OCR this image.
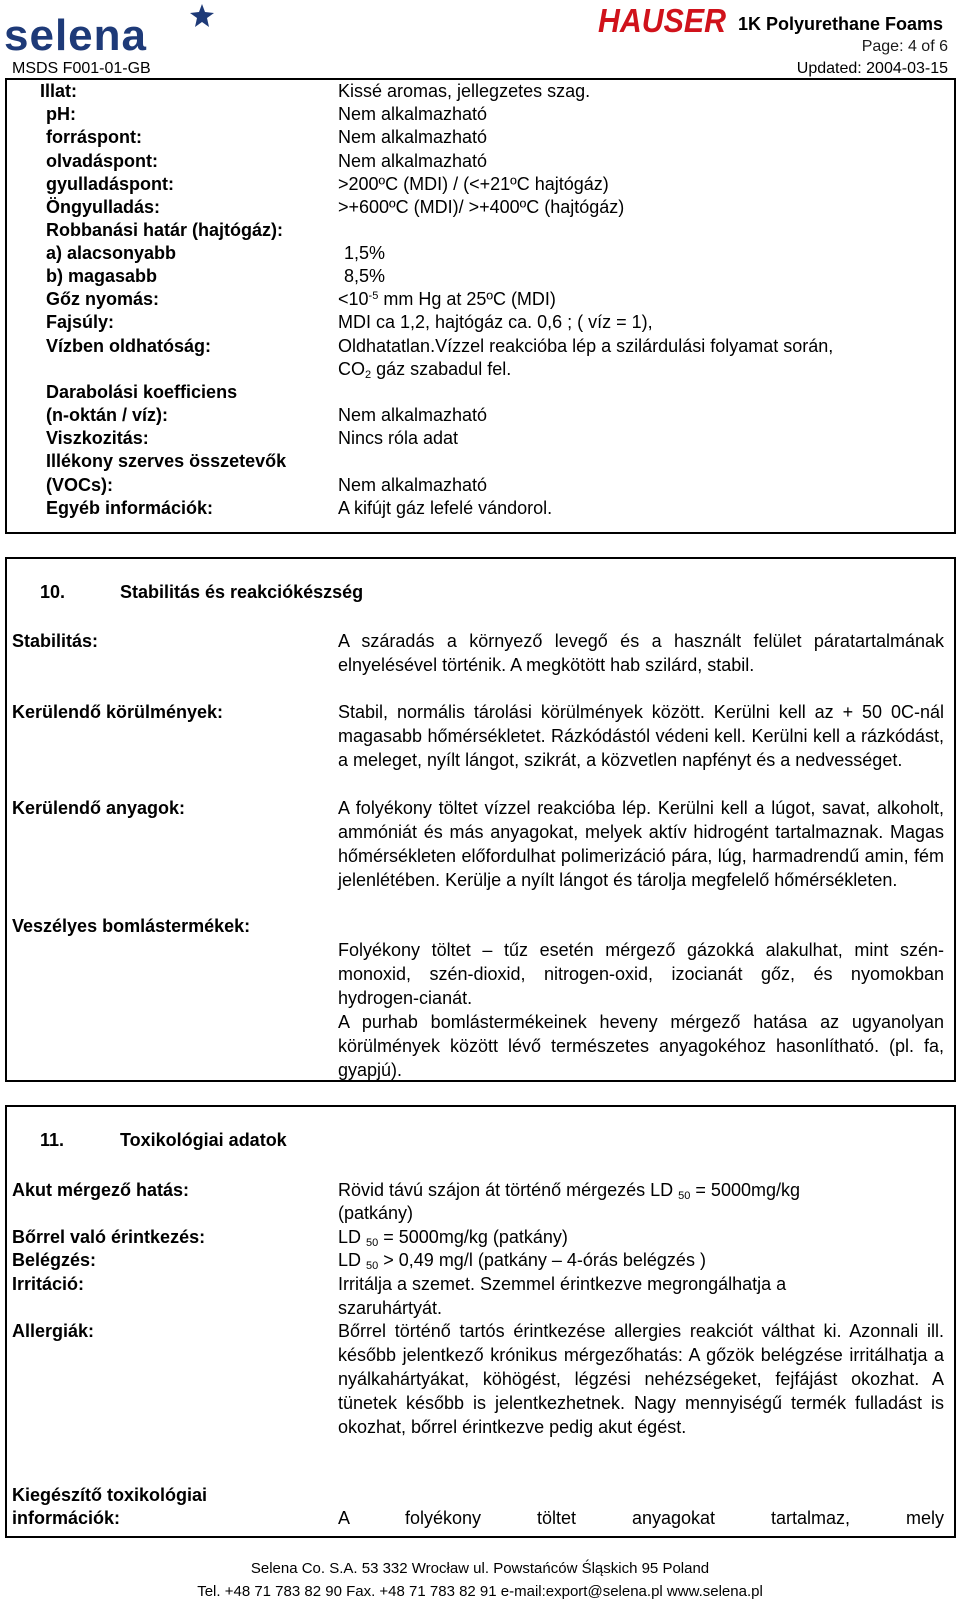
selena	HAUSER 1K Polyurethane Foams
Page: 4 of 6
MSDS F001-01-GB	Updated: 2004-03-15
Illat:	Kissé aromas, jellegzetes szag.
pH:	Nem alkalmazható
forráspont:	Nem alkalmazható
olvadáspont:	Nem alkalmazható
gyulladáspont:	>200ºC (MDI) / (<+21ºC hajtógáz)
Öngyulladás:	>+600ºC (MDI)/ >+400ºC (hajtógáz)
Robbanási határ (hajtógáz):
a) alacsonyabb	1,5%
b) magasabb	8,5%
Gőz nyomás:	$<10^{-5}$ mm Hg at 25ºC (MDI)
Fajsúly:	MDI ca 1,2, hajtógáz ca. 0,6 ; ( víz = 1),
Vízben oldhatóság:	Oldhatatlan.Vízzel reakcióba lép a szilárdulási folyamat során,
$CO_2$ gáz szabadul fel.
Darabolási koefficiens
(n-oktán / víz):	Nem alkalmazható
Viszkozitás:	Nincs róla adat
Illékony szerves összetevők
(VOCs):	Nem alkalmazható
Egyéb információk:	A kifújt gáz lefelé vándorol.
10.	Stabilitás és reakciókészség
Stabilitás:	A száradás a környező levegő és a használt felület páratartalmának elnyelésével történik. A megkötött hab szilárd, stabil.
Kerülendő körülmények:	Stabil, normális tárolási körülmények között. Kerülni kell az + 50 0C-nál magasabb hőmérsékletet. Rázkódástól védeni kell. Kerülni kell a rázkódást, a meleget, nyílt lángot, szikrát, a közvetlen napfényt és a nedvességet.
Kerülendő anyagok:	A folyékony töltet vízzel reakcióba lép. Kerülni kell a lúgot, savat, alkoholt, ammóniát és más anyagokat, melyek aktív hidrogént tartalmaznak. Magas hőmérsékleten előfordulhat polimerizáció pára, lúg, harmadrendű amin, fém jelenlétében. Kerülje a nyílt lángot és tárolja megfelelő hőmérsékleten.
Veszélyes bomlástermékek:
Folyékony töltet – tűz esetén mérgező gázokká alakulhat, mint szén-monoxid, szén-dioxid, nitrogen-oxid, izocianát gőz, és nyomokban hydrogen-cianát.
A purhab bomlástermékeinek heveny mérgező hatása az ugyanolyan körülmények között lévő természetes anyagokéhoz hasonlítható. (pl. fa, gyapjú).
11.	Toxikológiai adatok
Akut mérgező hatás:	Rövid távú szájon át történő mérgezés LD $_{50}$ = 5000mg/kg
(patkány)
Bőrrel való érintkezés:	LD $_{50}$ = 5000mg/kg (patkány)
Belégzés:	LD $_{50}$ > 0,49 mg/l (patkány – 4-órás belégzés )
Irritáció:	Irritálja a szemet. Szemmel érintkezve megrongálhatja a szaruhártyát.
Allergiák:	Bőrrel történő tartós érintkezése allergies reakciót válthat ki. Azonnali ill. később jelentkező krónikus mérgezőhatás: A gőzök belégzése irritálhatja a nyálkahártyákat, köhögést, légzési nehézségeket, fejfájást okozhat. A tünetek később is jelentkezhetnek. Nagy mennyiségű termék fulladást is okozhat, bőrrel érintkezve pedig akut égést.
Kiegészítő toxikológiai
információk:	A folyékony töltet anyagokat tartalmaz, mely
Selena Co. S.A. 53 332 Wrocław ul. Powstańców Śląskich 95 Poland
Tel. +48 71 783 82 90 Fax. +48 71 783 82 91 e-mail:export@selena.pl www.selena.pl
